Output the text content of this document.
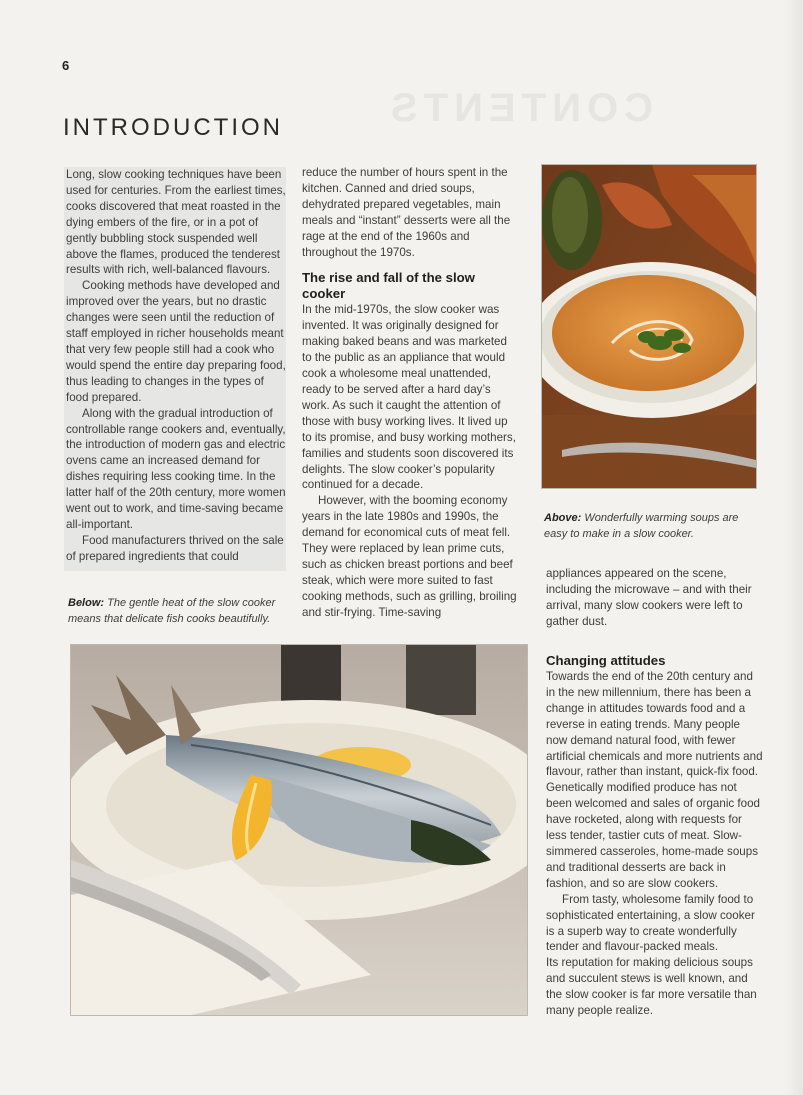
CONTENTS
6
INTRODUCTION

Long, slow cooking techniques have been used for centuries. From the earliest times, cooks discovered that meat roasted in the dying embers of the fire, or in a pot of gently bubbling stock suspended well above the flames, produced the tenderest results with rich, well-balanced flavours.

Cooking methods have developed and improved over the years, but no drastic changes were seen until the reduction of staff employed in richer households meant that very few people still had a cook who would spend the entire day preparing food, thus leading to changes in the types of food prepared.

Along with the gradual introduction of controllable range cookers and, eventually, the introduction of modern gas and electric ovens came an increased demand for dishes requiring less cooking time. In the latter half of the 20th century, more women went out to work, and time-saving became all-important.

Food manufacturers thrived on the sale of prepared ingredients that could

Below: The gentle heat of the slow cooker means that delicate fish cooks beautifully.

reduce the number of hours spent in the kitchen. Canned and dried soups, dehydrated prepared vegetables, main meals and “instant” desserts were all the rage at the end of the 1960s and throughout the 1970s.

The rise and fall of the slow cooker

In the mid-1970s, the slow cooker was invented. It was originally designed for making baked beans and was marketed to the public as an appliance that would cook a wholesome meal unattended, ready to be served after a hard day’s work. As such it caught the attention of those with busy working lives. It lived up to its promise, and busy working mothers, families and students soon discovered its delights. The slow cooker’s popularity continued for a decade.

However, with the booming economy years in the late 1980s and 1990s, the demand for economical cuts of meat fell. They were replaced by lean prime cuts, such as chicken breast portions and beef steak, which were more suited to fast cooking methods, such as grilling, broiling and stir-frying. Time-saving

Above: Wonderfully warming soups are easy to make in a slow cooker.

appliances appeared on the scene, including the microwave – and with their arrival, many slow cookers were left to gather dust.

Changing attitudes

Towards the end of the 20th century and in the new millennium, there has been a change in attitudes towards food and a reverse in eating trends. Many people now demand natural food, with fewer artificial chemicals and more nutrients and flavour, rather than instant, quick-fix food. Genetically modified produce has not been welcomed and sales of organic food have rocketed, along with requests for less tender, tastier cuts of meat. Slow-simmered casseroles, home-made soups and traditional desserts are back in fashion, and so are slow cookers.

From tasty, wholesome family food to sophisticated entertaining, a slow cooker is a superb way to create wonderfully tender and flavour-packed meals.

Its reputation for making delicious soups and succulent stews is well known, and the slow cooker is far more versatile than many people realize.
